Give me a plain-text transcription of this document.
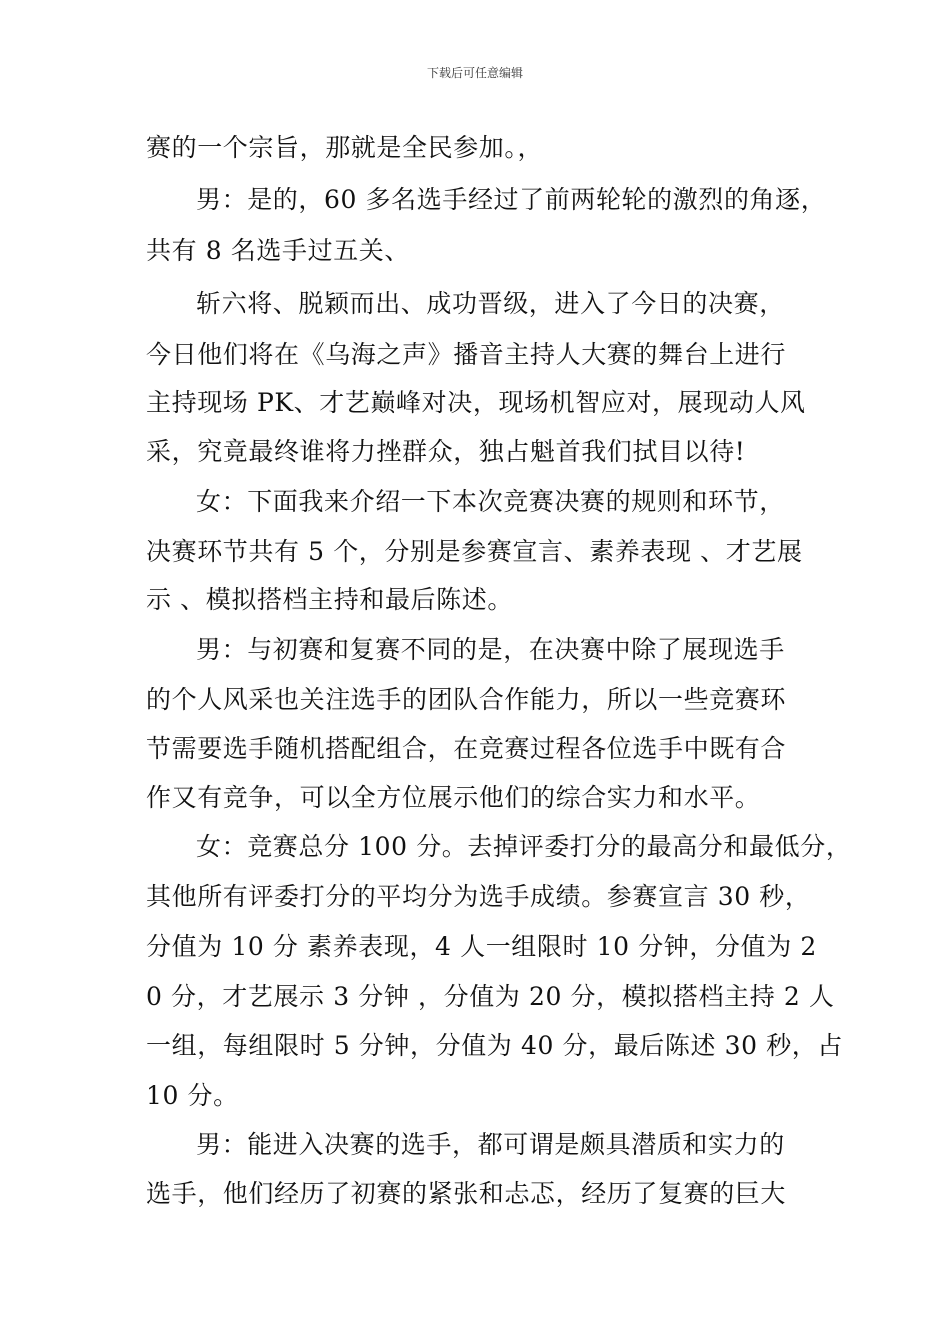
下载后可任意编辑
赛的一个宗旨，那就是全民参加。，
男：是的，60 多名选手经过了前两轮轮的激烈的角逐，
共有 8 名选手过五关、
斩六将、脱颖而出、成功晋级，进入了今日的决赛，
今日他们将在《乌海之声》播音主持人大赛的舞台上进行
主持现场 PK、才艺巅峰对决，现场机智应对，展现动人风
采，究竟最终谁将力挫群众，独占魁首我们拭目以待!
女：下面我来介绍一下本次竞赛决赛的规则和环节，
决赛环节共有 5 个，分别是参赛宣言、素养表现 、才艺展
示 、模拟搭档主持和最后陈述。
男：与初赛和复赛不同的是，在决赛中除了展现选手
的个人风采也关注选手的团队合作能力，所以一些竞赛环
节需要选手随机搭配组合，在竞赛过程各位选手中既有合
作又有竞争，可以全方位展示他们的综合实力和水平。
女：竞赛总分 100 分。去掉评委打分的最高分和最低分，
其他所有评委打分的平均分为选手成绩。参赛宣言 30 秒，
分值为 10 分 素养表现，4 人一组限时 10 分钟，分值为 2
0 分，才艺展示 3 分钟 ，分值为 20 分，模拟搭档主持 2 人
一组，每组限时 5 分钟，分值为 40 分，最后陈述 30 秒，占
10 分。
男：能进入决赛的选手，都可谓是颇具潜质和实力的
选手，他们经历了初赛的紧张和忐忑，经历了复赛的巨大
